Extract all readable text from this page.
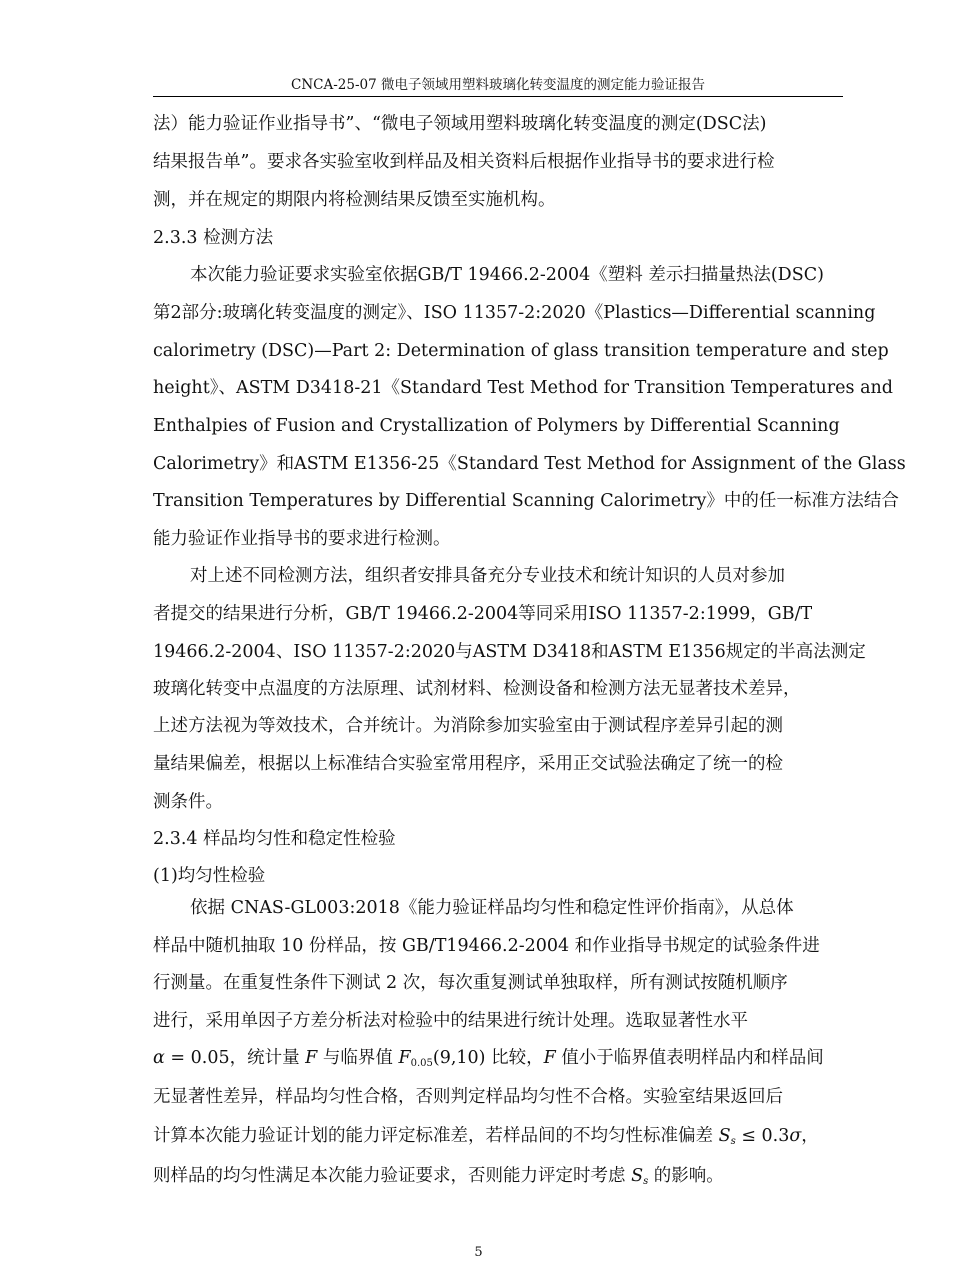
CNCA-25-07 微电子领域用塑料玻璃化转变温度的测定能力验证报告
法）能力验证作业指导书”、“微电子领域用塑料玻璃化转变温度的测定(DSC法)
结果报告单”。要求各实验室收到样品及相关资料后根据作业指导书的要求进行检
测，并在规定的期限内将检测结果反馈至实施机构。
2.3.3 检测方法
本次能力验证要求实验室依据GB/T 19466.2-2004《塑料 差示扫描量热法(DSC)
第2部分:玻璃化转变温度的测定》、ISO 11357-2:2020《Plastics—Differential scanning
calorimetry (DSC)—Part 2: Determination of glass transition temperature and step
height》、ASTM D3418-21《Standard Test Method for Transition Temperatures and
Enthalpies of Fusion and Crystallization of Polymers by Differential Scanning
Calorimetry》和ASTM E1356-25《Standard Test Method for Assignment of the Glass
Transition Temperatures by Differential Scanning Calorimetry》中的任一标准方法结合
能力验证作业指导书的要求进行检测。
对上述不同检测方法，组织者安排具备充分专业技术和统计知识的人员对参加
者提交的结果进行分析，GB/T 19466.2-2004等同采用ISO 11357-2:1999，GB/T
19466.2-2004、ISO 11357-2:2020与ASTM D3418和ASTM E1356规定的半高法测定
玻璃化转变中点温度的方法原理、试剂材料、检测设备和检测方法无显著技术差异，
上述方法视为等效技术，合并统计。为消除参加实验室由于测试程序差异引起的测
量结果偏差，根据以上标准结合实验室常用程序，采用正交试验法确定了统一的检
测条件。
2.3.4 样品均匀性和稳定性检验
(1)均匀性检验
依据 CNAS-GL003:2018《能力验证样品均匀性和稳定性评价指南》，从总体
样品中随机抽取 10 份样品，按 GB/T19466.2-2004 和作业指导书规定的试验条件进
行测量。在重复性条件下测试 2 次，每次重复测试单独取样，所有测试按随机顺序
进行，采用单因子方差分析法对检验中的结果进行统计处理。选取显著性水平
α = 0.05，统计量 F 与临界值 $F_{0.05}(9,10)$ 比较，F 值小于临界值表明样品内和样品间
无显著性差异，样品均匀性合格，否则判定样品均匀性不合格。实验室结果返回后
计算本次能力验证计划的能力评定标准差，若样品间的不均匀性标准偏差 $S_s \le 0.3\sigma$，
则样品的均匀性满足本次能力验证要求，否则能力评定时考虑 $S_s$ 的影响。
5
